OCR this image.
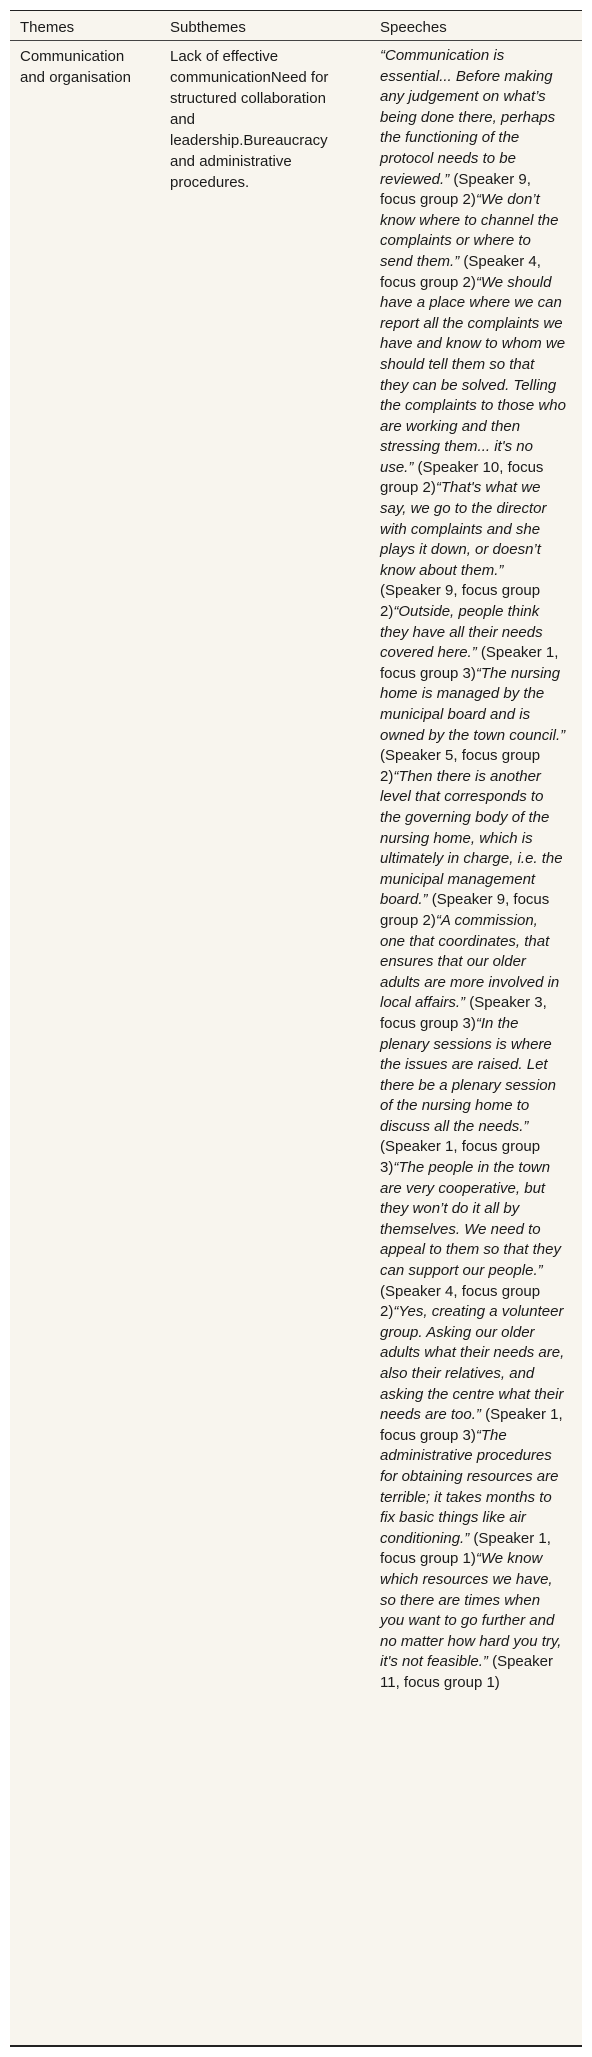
Themes	Subthemes	Speeches
Communication and organisation
Lack of effective communicationNeed for structured collaboration and leadership.Bureaucracy and administrative procedures.
“Communication is essential... Before making any judgement on what’s being done there, perhaps the functioning of the protocol needs to be reviewed.” (Speaker 9, focus group 2)“We don’t know where to channel the complaints or where to send them.” (Speaker 4, focus group 2)“We should have a place where we can report all the complaints we have and know to whom we should tell them so that they can be solved. Telling the complaints to those who are working and then stressing them... it's no use.” (Speaker 10, focus group 2)“That's what we say, we go to the director with complaints and she plays it down, or doesn’t know about them.” (Speaker 9, focus group 2)“Outside, people think they have all their needs covered here.” (Speaker 1, focus group 3)“The nursing home is managed by the municipal board and is owned by the town council.” (Speaker 5, focus group 2)“Then there is another level that corresponds to the governing body of the nursing home, which is ultimately in charge, i.e. the municipal management board.” (Speaker 9, focus group 2)“A commission, one that coordinates, that ensures that our older adults are more involved in local affairs.” (Speaker 3, focus group 3)“In the plenary sessions is where the issues are raised. Let there be a plenary session of the nursing home to discuss all the needs.” (Speaker 1, focus group 3)“The people in the town are very cooperative, but they won’t do it all by themselves. We need to appeal to them so that they can support our people.” (Speaker 4, focus group 2)“Yes, creating a volunteer group. Asking our older adults what their needs are, also their relatives, and asking the centre what their needs are too.” (Speaker 1, focus group 3)“The administrative procedures for obtaining resources are terrible; it takes months to fix basic things like air conditioning.” (Speaker 1, focus group 1)“We know which resources we have, so there are times when you want to go further and no matter how hard you try, it's not feasible.” (Speaker 11, focus group 1)
